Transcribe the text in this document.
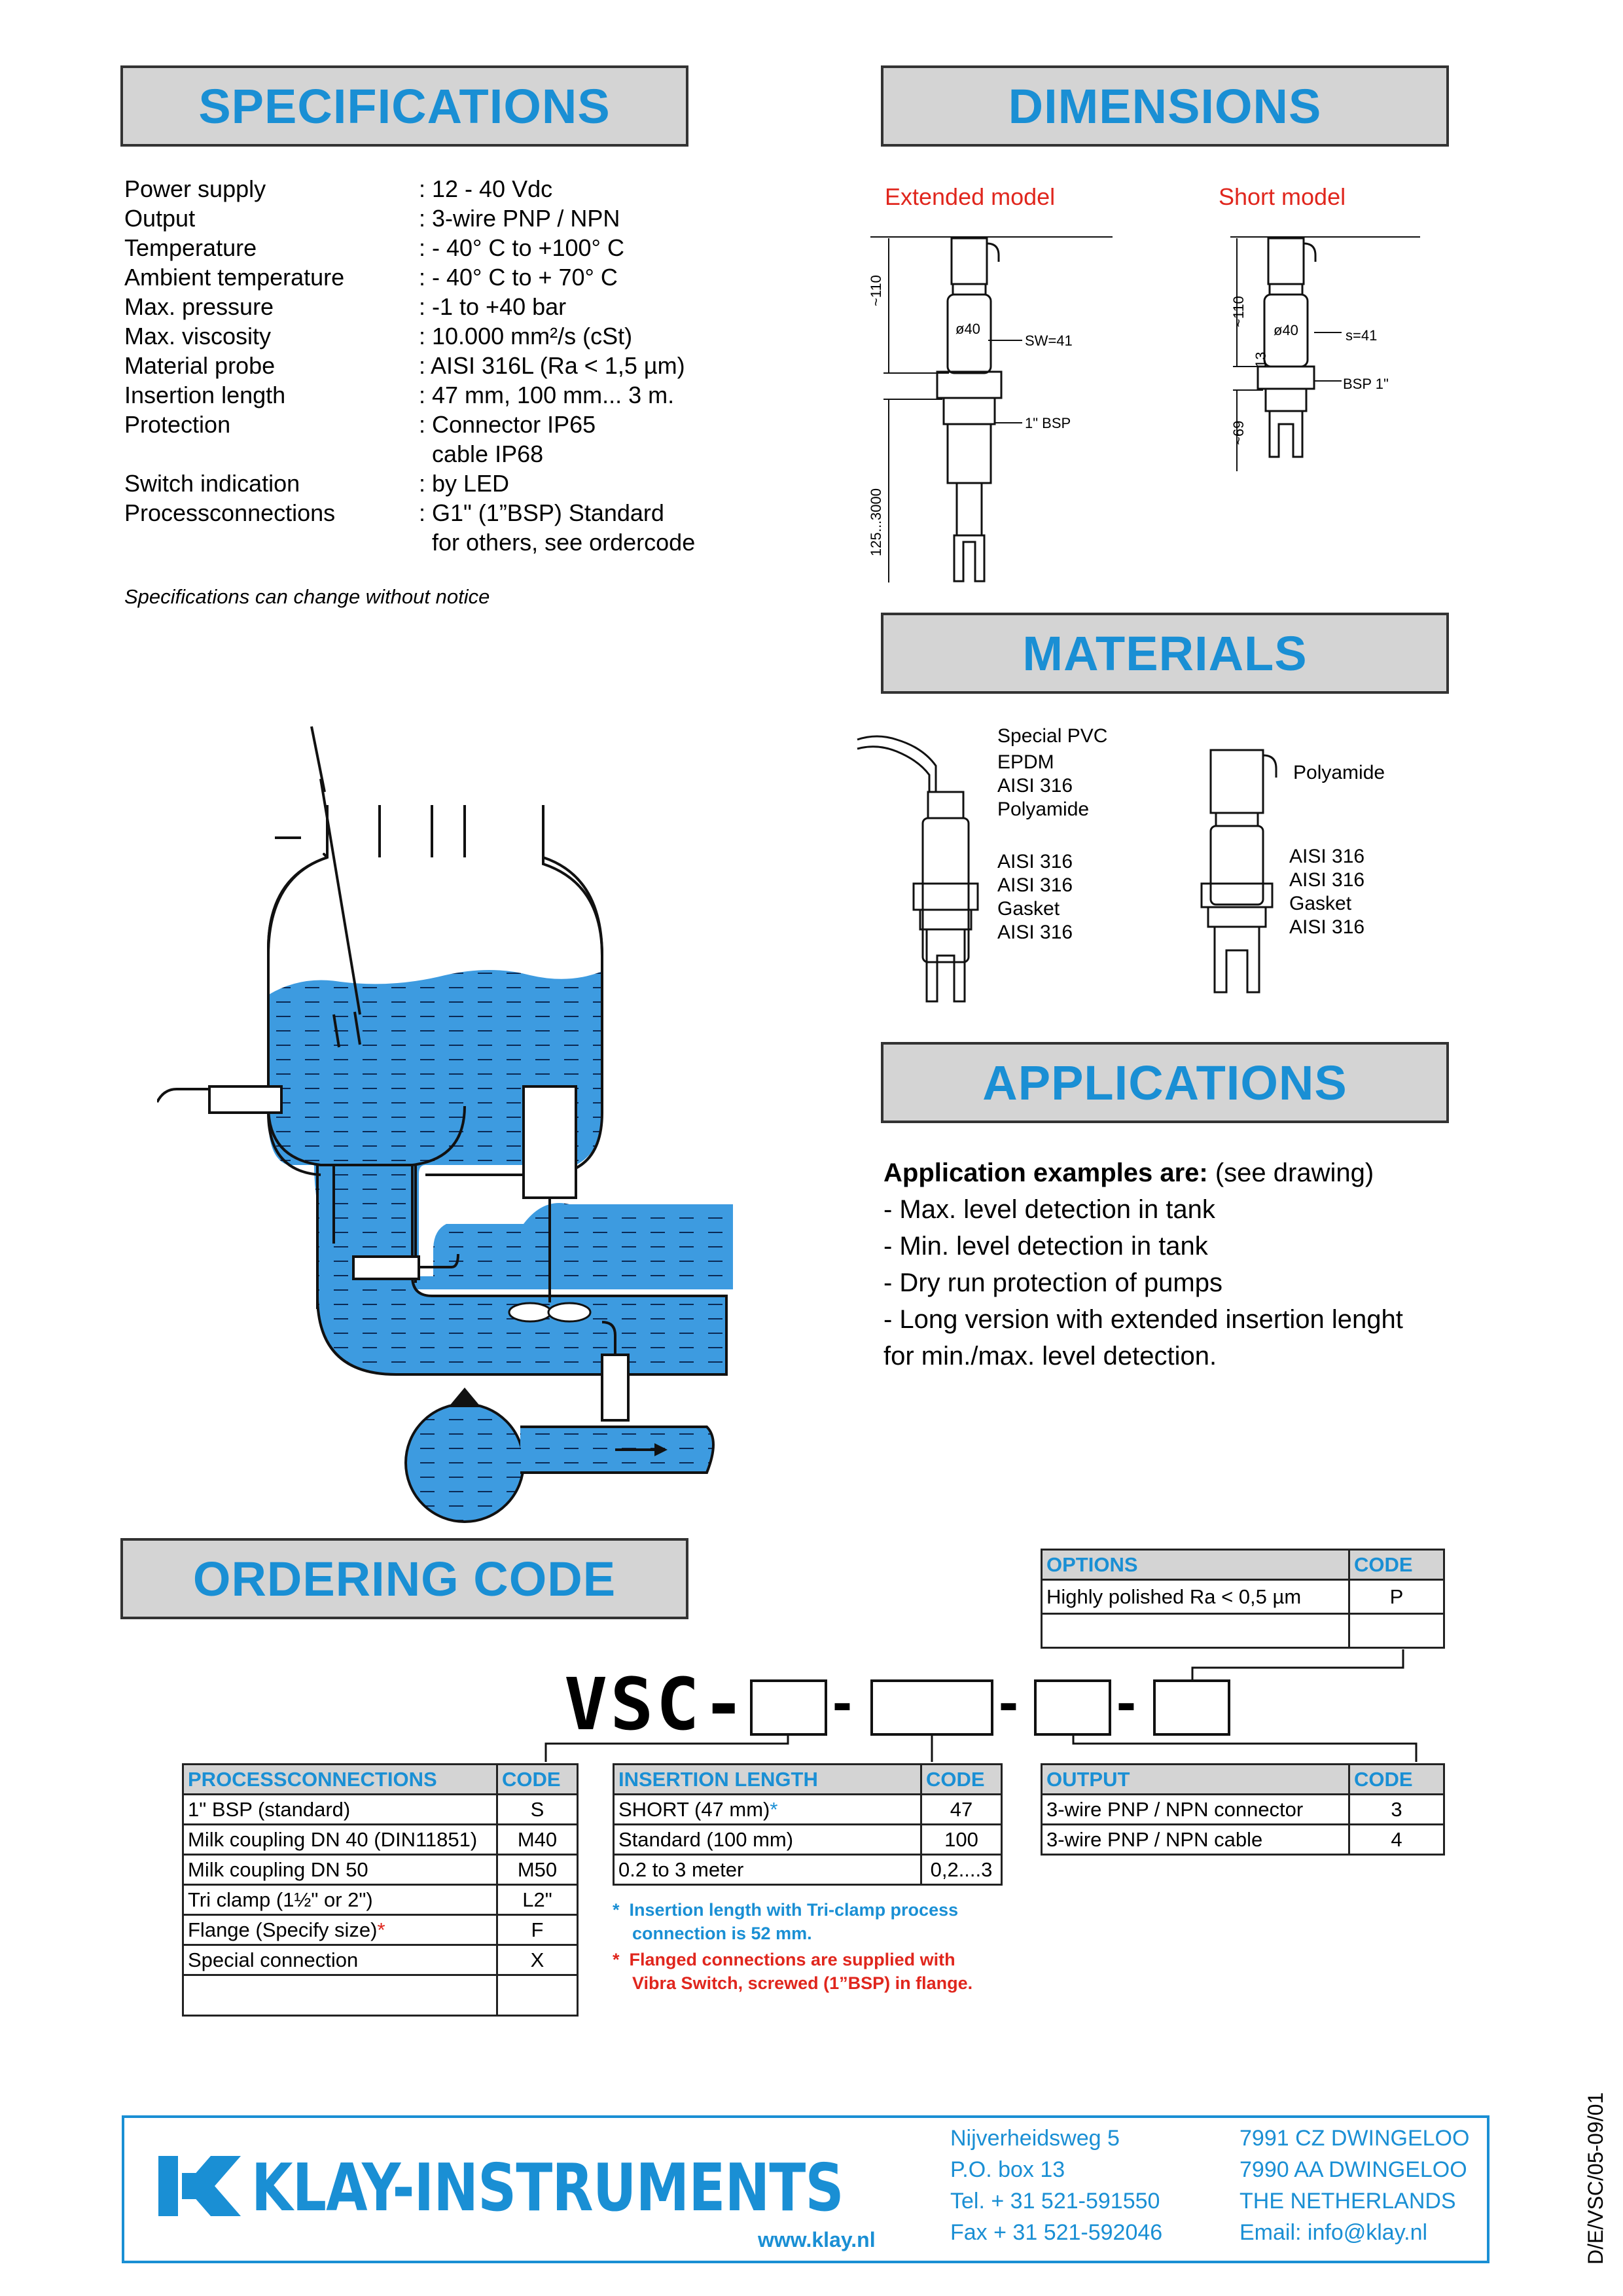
SPECIFICATIONS	DIMENSIONS
MATERIALS
APPLICATIONS
ORDERING CODE
Power supply	: 12 - 40 Vdc
Output	: 3-wire PNP / NPN
Temperature	: - 40° C to +100° C
Ambient temperature	: - 40° C to + 70° C
Max. pressure	: -1 to +40 bar
Max. viscosity	: 10.000 mm²/s (cSt)
Material probe	: AISI 316L (Ra < 1,5 µm)
Insertion length	: 47 mm, 100 mm... 3 m.
Protection	: Connector IP65
cable IP68
Switch indication	: by LED
Processconnections	: G1" (1”BSP) Standard
for others, see ordercode
Specifications can change without notice
Extended model	Short model
~110
ø40
SW=41
1" BSP
125...3000
~110
ø40	s=41
13
BSP 1"
~69
Special PVC
EPDM
AISI 316
Polyamide
AISI 316
AISI 316
Gasket
AISI 316
Polyamide
AISI 316
AISI 316
Gasket
AISI 316
Application examples are: (see drawing)
- Max. level detection in tank
- Min. level detection in tank
- Dry run protection of pumps
- Long version with extended insertion lenght
for min./max. level detection.
OPTIONS	CODE
Highly polished Ra < 0,5 µm	P

VSC- - - -
PROCESSCONNECTIONS	CODE
1" BSP (standard)	S
Milk coupling DN 40 (DIN11851)	M40
Milk coupling DN 50	M50
Tri clamp (1½" or 2")	L2"
Flange (Specify size)*	F
Special connection	X

INSERTION LENGTH	CODE
SHORT (47 mm)*	47
Standard (100 mm)	100
0.2 to 3 meter	0,2....3
OUTPUT	CODE
3-wire PNP / NPN connector	3
3-wire PNP / NPN cable	4
* Insertion length with Tri-clamp process
connection is 52 mm.
* Flanged connections are supplied with
Vibra Switch, screwed (1”BSP) in flange.
KLAY-INSTRUMENTS
www.klay.nl
Nijverheidsweg 5
P.O. box 13
Tel. + 31 521-591550
Fax + 31 521-592046
7991 CZ DWINGELOO
7990 AA DWINGELOO
THE NETHERLANDS
Email: info@klay.nl	D/E/VSC/05-09/01
